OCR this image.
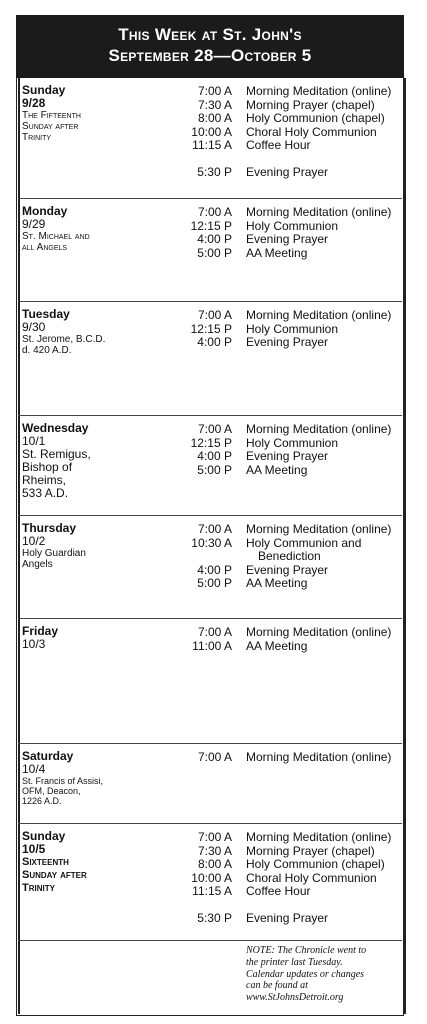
This Week at St. John's
September 28—October 5
Sunday
9/28
The Fifteenth
Sunday after
Trinity
7:00 A Morning Meditation (online)
7:30 A Morning Prayer (chapel)
8:00 A Holy Communion (chapel)
10:00 A Choral Holy Communion
11:15 A Coffee Hour
5:30 P Evening Prayer
Monday
9/29
St. Michael and
all Angels
7:00 A Morning Meditation (online)
12:15 P Holy Communion
4:00 P Evening Prayer
5:00 P AA Meeting
Tuesday
9/30
St. Jerome, B.C.D.
d. 420 A.D.
7:00 A Morning Meditation (online)
12:15 P Holy Communion
4:00 P Evening Prayer
Wednesday
10/1
St. Remigus,
Bishop of
Rheims,
533 A.D.
7:00 A Morning Meditation (online)
12:15 P Holy Communion
4:00 P Evening Prayer
5:00 P AA Meeting
Thursday
10/2
Holy Guardian
Angels
7:00 A Morning Meditation (online)
10:30 A Holy Communion and
Benediction
4:00 P Evening Prayer
5:00 P AA Meeting
Friday
10/3
7:00 A Morning Meditation (online)
11:00 A AA Meeting
Saturday
10/4
St. Francis of Assisi,
OFM, Deacon,
1226 A.D.
7:00 A Morning Meditation (online)
Sunday
10/5
Sixteenth
Sunday after
Trinity
7:00 A Morning Meditation (online)
7:30 A Morning Prayer (chapel)
8:00 A Holy Communion (chapel)
10:00 A Choral Holy Communion
11:15 A Coffee Hour
5:30 P Evening Prayer
NOTE: The Chronicle went to
the printer last Tuesday.
Calendar updates or changes
can be found at
www.StJohnsDetroit.org
